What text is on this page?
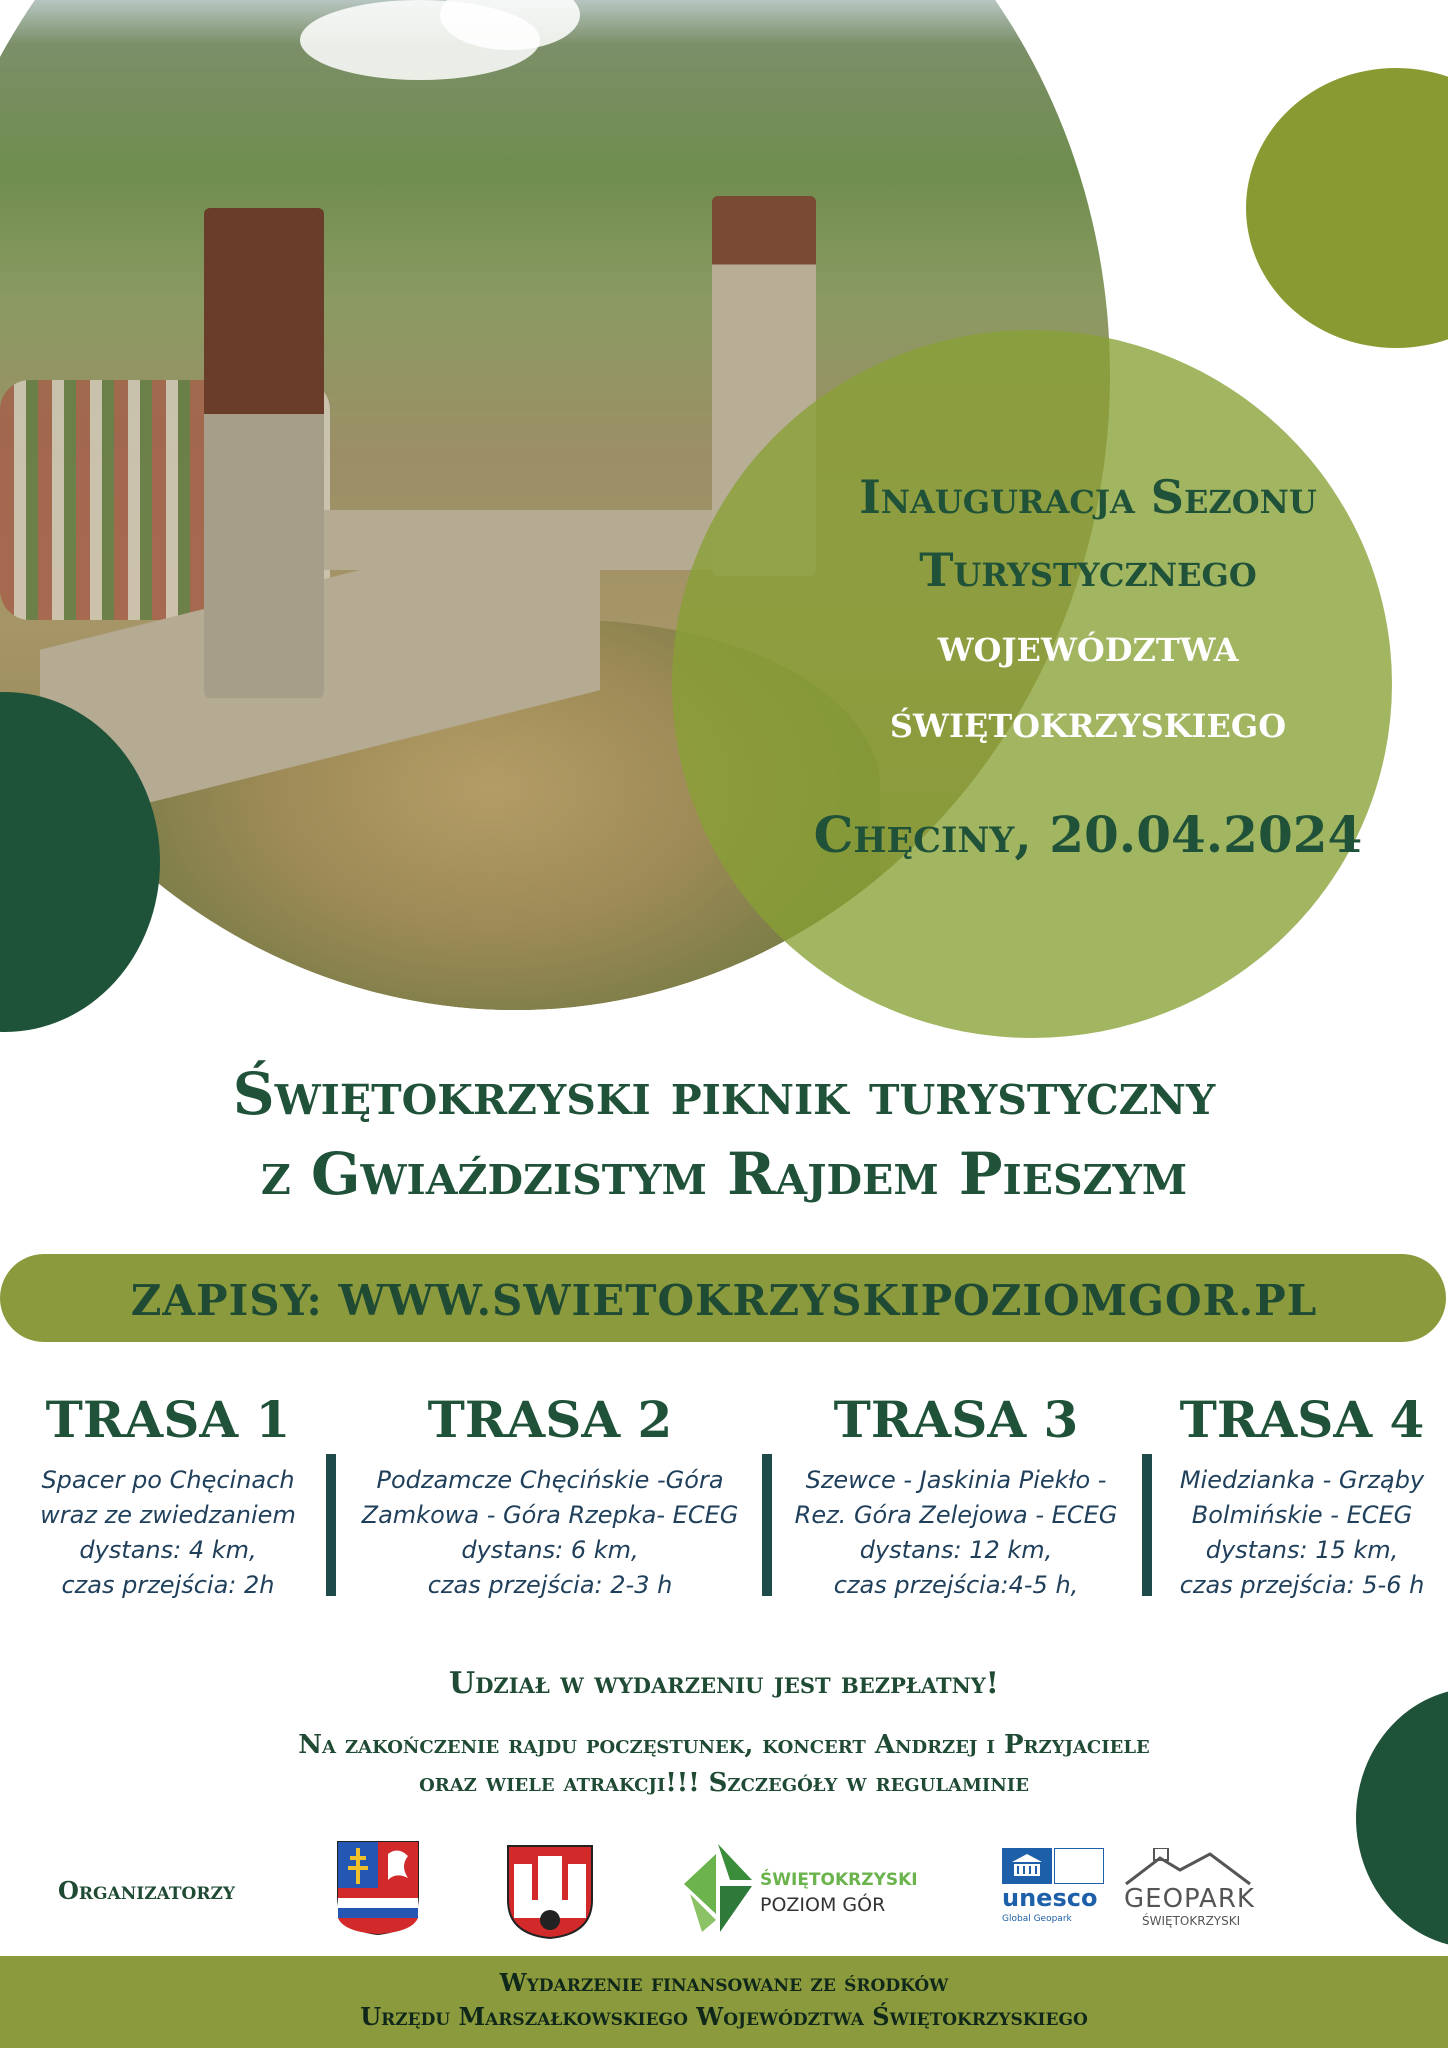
Inauguracja Sezonu
Turystycznego
województwa
świętokrzyskiego
Chęciny, 20.04.2024
Świętokrzyski piknik turystyczny
z Gwiaździstym Rajdem Pieszym
ZAPISY: WWW.SWIETOKRZYSKIPOZIOMGOR.PL
TRASA 1

Spacer po Chęcinach
wraz ze zwiedzaniem
dystans: 4 km,
czas przejścia: 2h

TRASA 2

Podzamcze Chęcińskie -Góra
Zamkowa - Góra Rzepka- ECEG
dystans: 6 km,
czas przejścia: 2-3 h

TRASA 3

Szewce - Jaskinia Piekło -
Rez. Góra Zelejowa - ECEG
dystans: 12 km,
czas przejścia:4-5 h,

TRASA 4

Miedzianka - Grząby
Bolmińskie - ECEG
dystans: 15 km,
czas przejścia: 5-6 h

Udział w wydarzeniu jest bezpłatny!
Na zakończenie rajdu poczęstunek, koncert Andrzej i Przyjaciele
oraz wiele atrakcji!!! Szczegóły w regulaminie
Organizatorzy	ŚWIĘTOKRZYSKI
POZIOM GÓR	unesco
Global Geopark
GEOPARK
ŚWIĘTOKRZYSKI
Wydarzenie finansowane ze środków
Urzędu Marszałkowskiego Województwa Świętokrzyskiego
